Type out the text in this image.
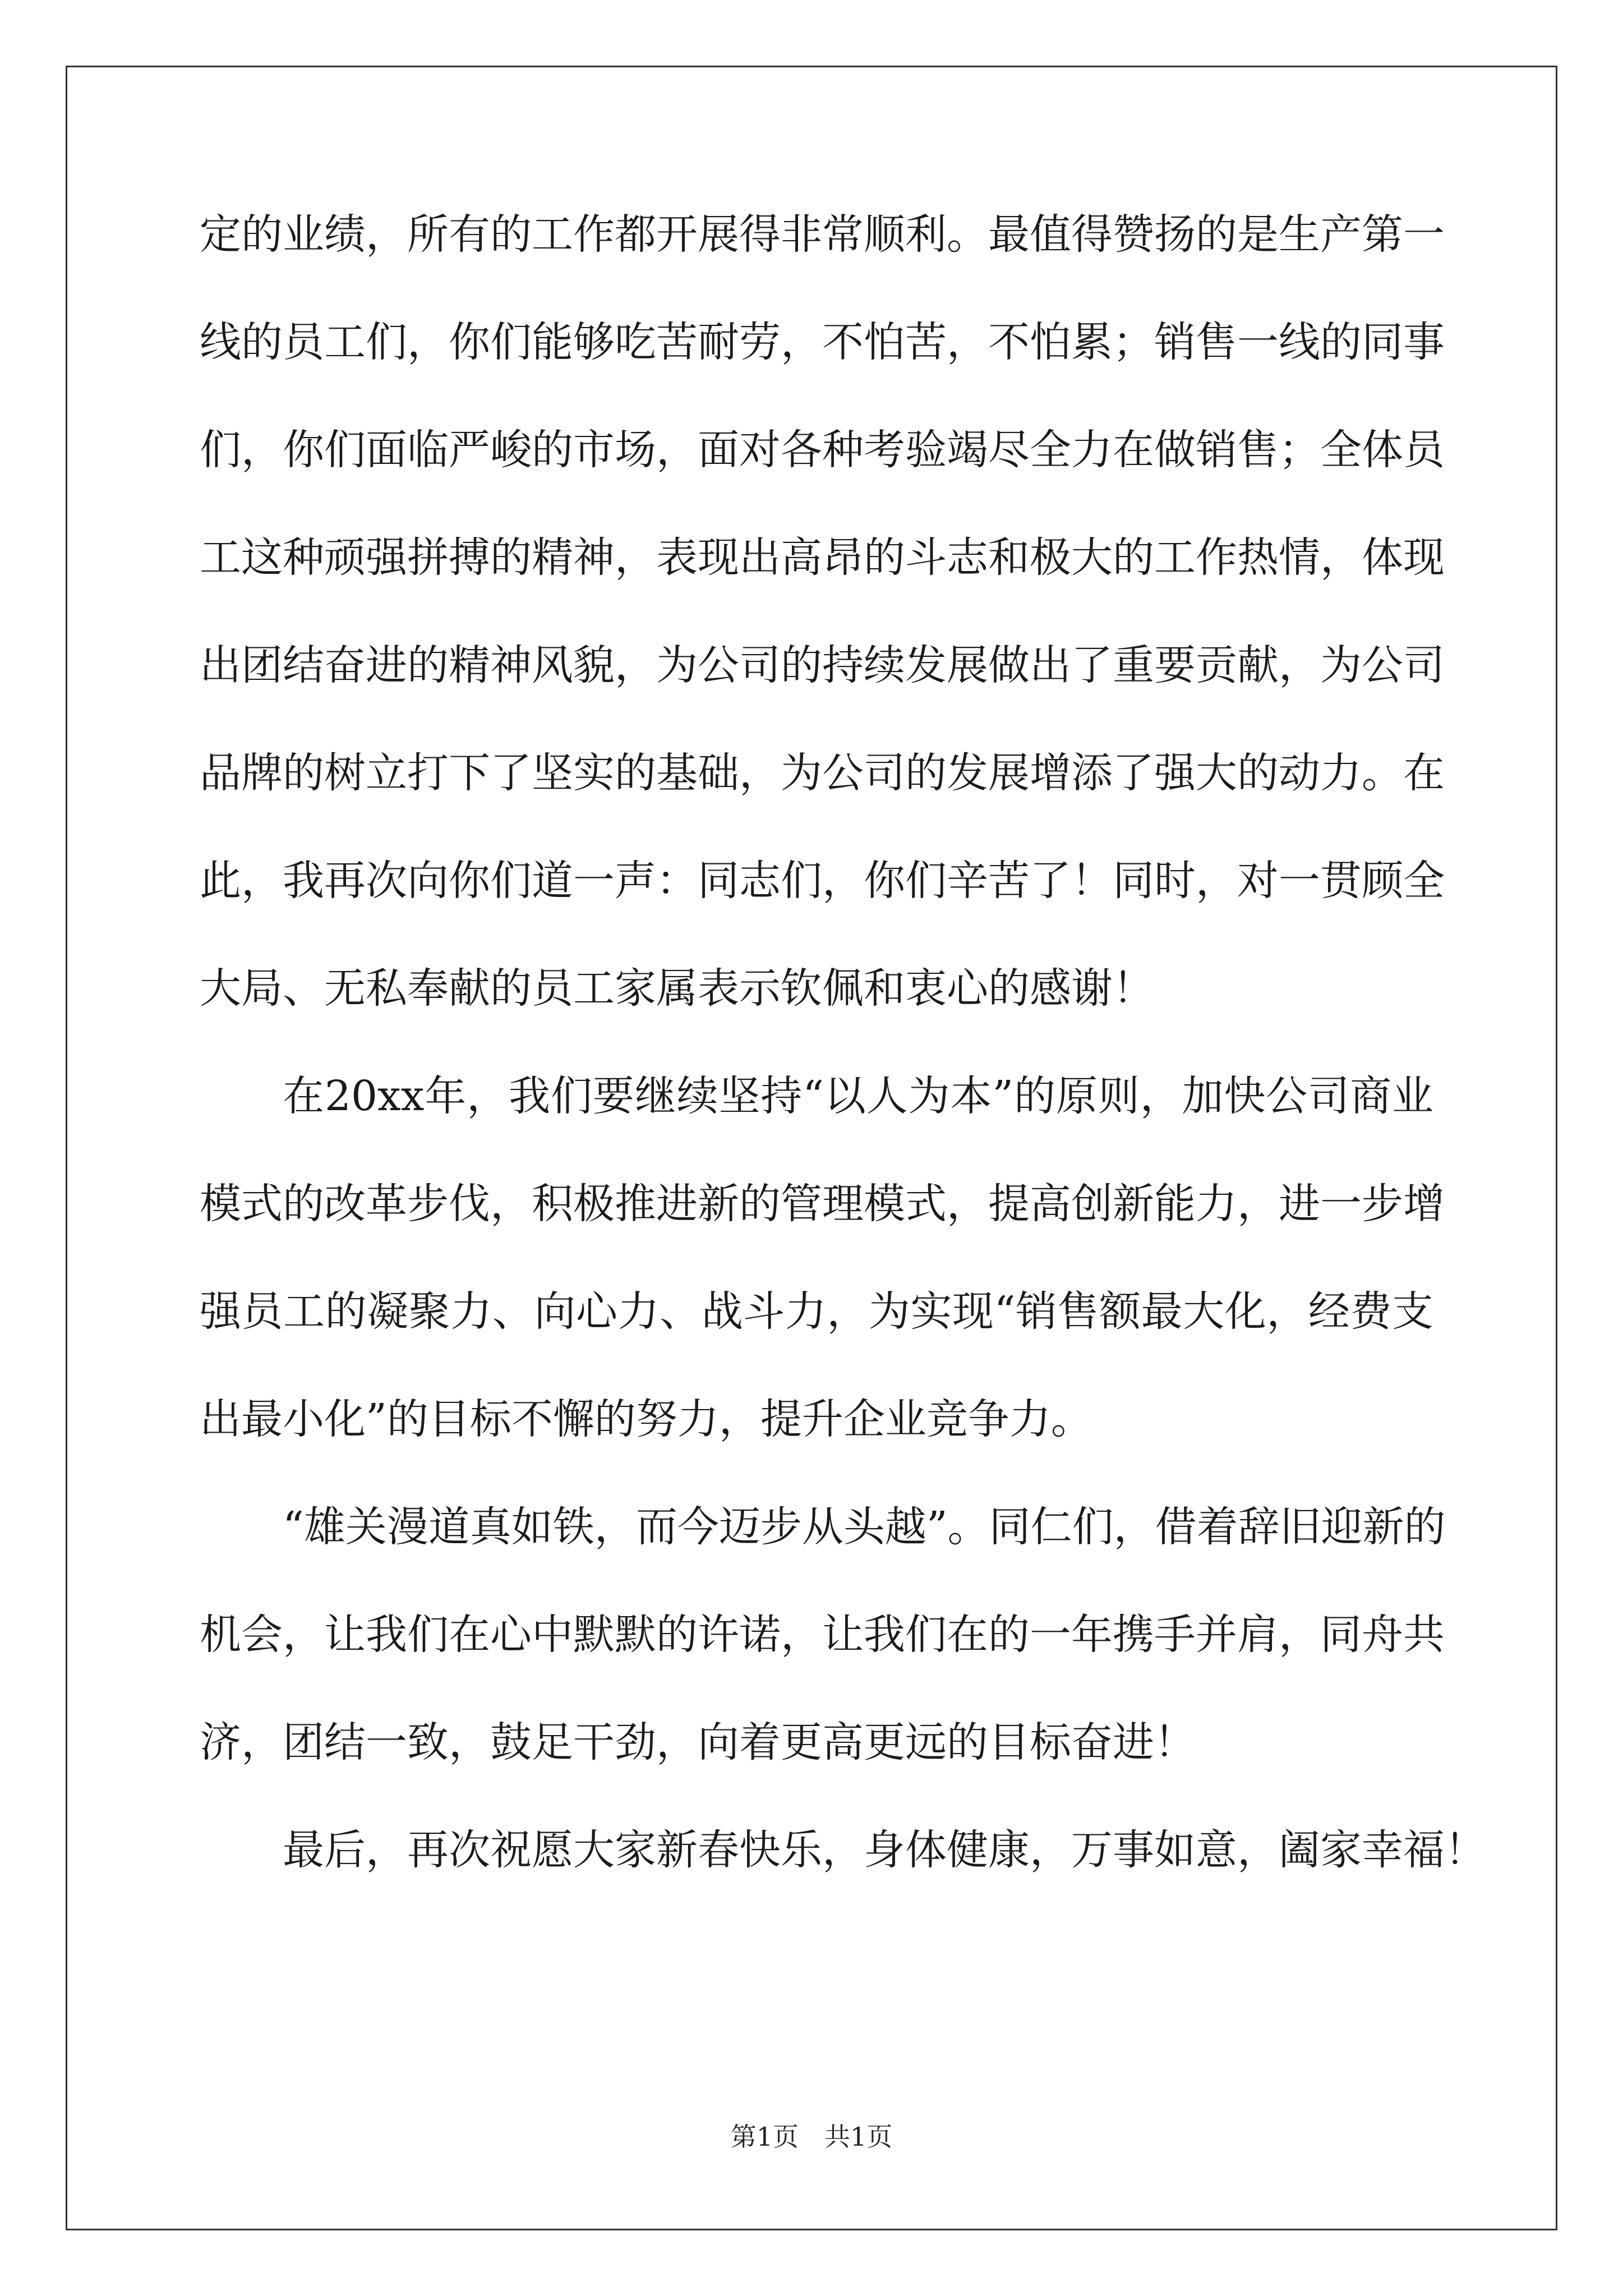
定的业绩，所有的工作都开展得非常顺利。最值得赞扬的是生产第一
线的员工们，你们能够吃苦耐劳，不怕苦，不怕累；销售一线的同事
们，你们面临严峻的市场，面对各种考验竭尽全力在做销售；全体员
工这种顽强拼搏的精神，表现出高昂的斗志和极大的工作热情，体现
出团结奋进的精神风貌，为公司的持续发展做出了重要贡献，为公司
品牌的树立打下了坚实的基础，为公司的发展增添了强大的动力。在
此，我再次向你们道一声：同志们，你们辛苦了！同时，对一贯顾全
大局、无私奉献的员工家属表示钦佩和衷心的感谢！
在20xx年，我们要继续坚持“以人为本”的原则，加快公司商业
模式的改革步伐，积极推进新的管理模式，提高创新能力，进一步增
强员工的凝聚力、向心力、战斗力，为实现“销售额最大化，经费支
出最小化”的目标不懈的努力，提升企业竞争力。
“雄关漫道真如铁，而今迈步从头越”。同仁们，借着辞旧迎新的
机会，让我们在心中默默的许诺，让我们在的一年携手并肩，同舟共
济，团结一致，鼓足干劲，向着更高更远的目标奋进！
最后，再次祝愿大家新春快乐，身体健康，万事如意，阖家幸福！
第1页 共1页
